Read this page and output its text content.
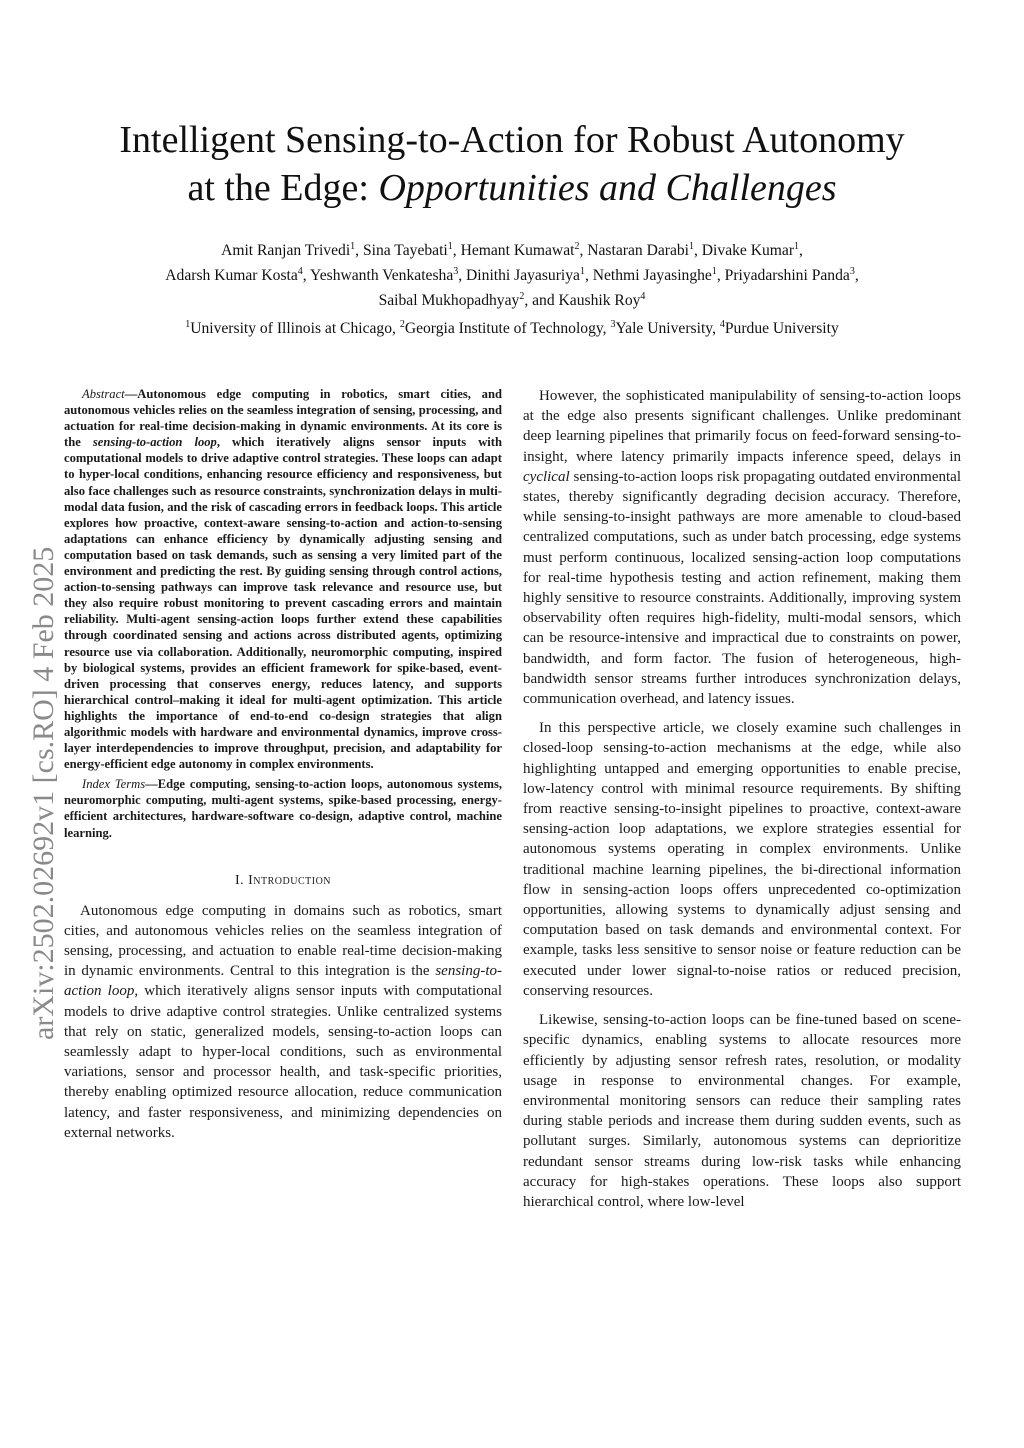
arXiv:2502.02692v1 [cs.RO] 4 Feb 2025
Intelligent Sensing-to-Action for Robust Autonomy
at the Edge: Opportunities and Challenges
Amit Ranjan Trivedi$^1$, Sina Tayebati$^1$, Hemant Kumawat$^2$, Nastaran Darabi$^1$, Divake Kumar$^1$,
Adarsh Kumar Kosta$^4$, Yeshwanth Venkatesha$^3$, Dinithi Jayasuriya$^1$, Nethmi Jayasinghe$^1$, Priyadarshini Panda$^3$,
Saibal Mukhopadhyay$^2$, and Kaushik Roy$^4$
$^1$University of Illinois at Chicago, $^2$Georgia Institute of Technology, $^3$Yale University, $^4$Purdue University

Abstract—Autonomous edge computing in robotics, smart cities, and autonomous vehicles relies on the seamless integration of sensing, processing, and actuation for real-time decision-making in dynamic environments. At its core is the sensing-to-action loop, which iteratively aligns sensor inputs with computational models to drive adaptive control strategies. These loops can adapt to hyper-local conditions, enhancing resource efficiency and responsiveness, but also face challenges such as resource constraints, synchronization delays in multi-modal data fusion, and the risk of cascading errors in feedback loops. This article explores how proactive, context-aware sensing-to-action and action-to-sensing adaptations can enhance efficiency by dynamically adjusting sensing and computation based on task demands, such as sensing a very limited part of the environment and predicting the rest. By guiding sensing through control actions, action-to-sensing pathways can improve task relevance and resource use, but they also require robust monitoring to prevent cascading errors and maintain reliability. Multi-agent sensing-action loops further extend these capabilities through coordinated sensing and actions across distributed agents, optimizing resource use via collaboration. Additionally, neuromorphic computing, inspired by biological systems, provides an efficient framework for spike-based, event-driven processing that conserves energy, reduces latency, and supports hierarchical control–making it ideal for multi-agent optimization. This article highlights the importance of end-to-end co-design strategies that align algorithmic models with hardware and environmental dynamics, improve cross-layer interdependencies to improve throughput, precision, and adaptability for energy-efficient edge autonomy in complex environments.

Index Terms—Edge computing, sensing-to-action loops, autonomous systems, neuromorphic computing, multi-agent systems, spike-based processing, energy-efficient architectures, hardware-software co-design, adaptive control, machine learning.

I. Introduction

Autonomous edge computing in domains such as robotics, smart cities, and autonomous vehicles relies on the seamless integration of sensing, processing, and actuation to enable real-time decision-making in dynamic environments. Central to this integration is the sensing-to-action loop, which iteratively aligns sensor inputs with computational models to drive adaptive control strategies. Unlike centralized systems that rely on static, generalized models, sensing-to-action loops can seamlessly adapt to hyper-local conditions, such as environmental variations, sensor and processor health, and task-specific priorities, thereby enabling optimized resource allocation, reduce communication latency, and faster responsiveness, and minimizing dependencies on external networks.

However, the sophisticated manipulability of sensing-to-action loops at the edge also presents significant challenges. Unlike predominant deep learning pipelines that primarily focus on feed-forward sensing-to-insight, where latency primarily impacts inference speed, delays in cyclical sensing-to-action loops risk propagating outdated environmental states, thereby significantly degrading decision accuracy. Therefore, while sensing-to-insight pathways are more amenable to cloud-based centralized computations, such as under batch processing, edge systems must perform continuous, localized sensing-action loop computations for real-time hypothesis testing and action refinement, making them highly sensitive to resource constraints. Additionally, improving system observability often requires high-fidelity, multi-modal sensors, which can be resource-intensive and impractical due to constraints on power, bandwidth, and form factor. The fusion of heterogeneous, high-bandwidth sensor streams further introduces synchronization delays, communication overhead, and latency issues.

In this perspective article, we closely examine such challenges in closed-loop sensing-to-action mechanisms at the edge, while also highlighting untapped and emerging opportunities to enable precise, low-latency control with minimal resource requirements. By shifting from reactive sensing-to-insight pipelines to proactive, context-aware sensing-action loop adaptations, we explore strategies essential for autonomous systems operating in complex environments. Unlike traditional machine learning pipelines, the bi-directional information flow in sensing-action loops offers unprecedented co-optimization opportunities, allowing systems to dynamically adjust sensing and computation based on task demands and environmental context. For example, tasks less sensitive to sensor noise or feature reduction can be executed under lower signal-to-noise ratios or reduced precision, conserving resources.

Likewise, sensing-to-action loops can be fine-tuned based on scene-specific dynamics, enabling systems to allocate resources more efficiently by adjusting sensor refresh rates, resolution, or modality usage in response to environmental changes. For example, environmental monitoring sensors can reduce their sampling rates during stable periods and increase them during sudden events, such as pollutant surges. Similarly, autonomous systems can deprioritize redundant sensor streams during low-risk tasks while enhancing accuracy for high-stakes operations. These loops also support hierarchical control, where low-level
